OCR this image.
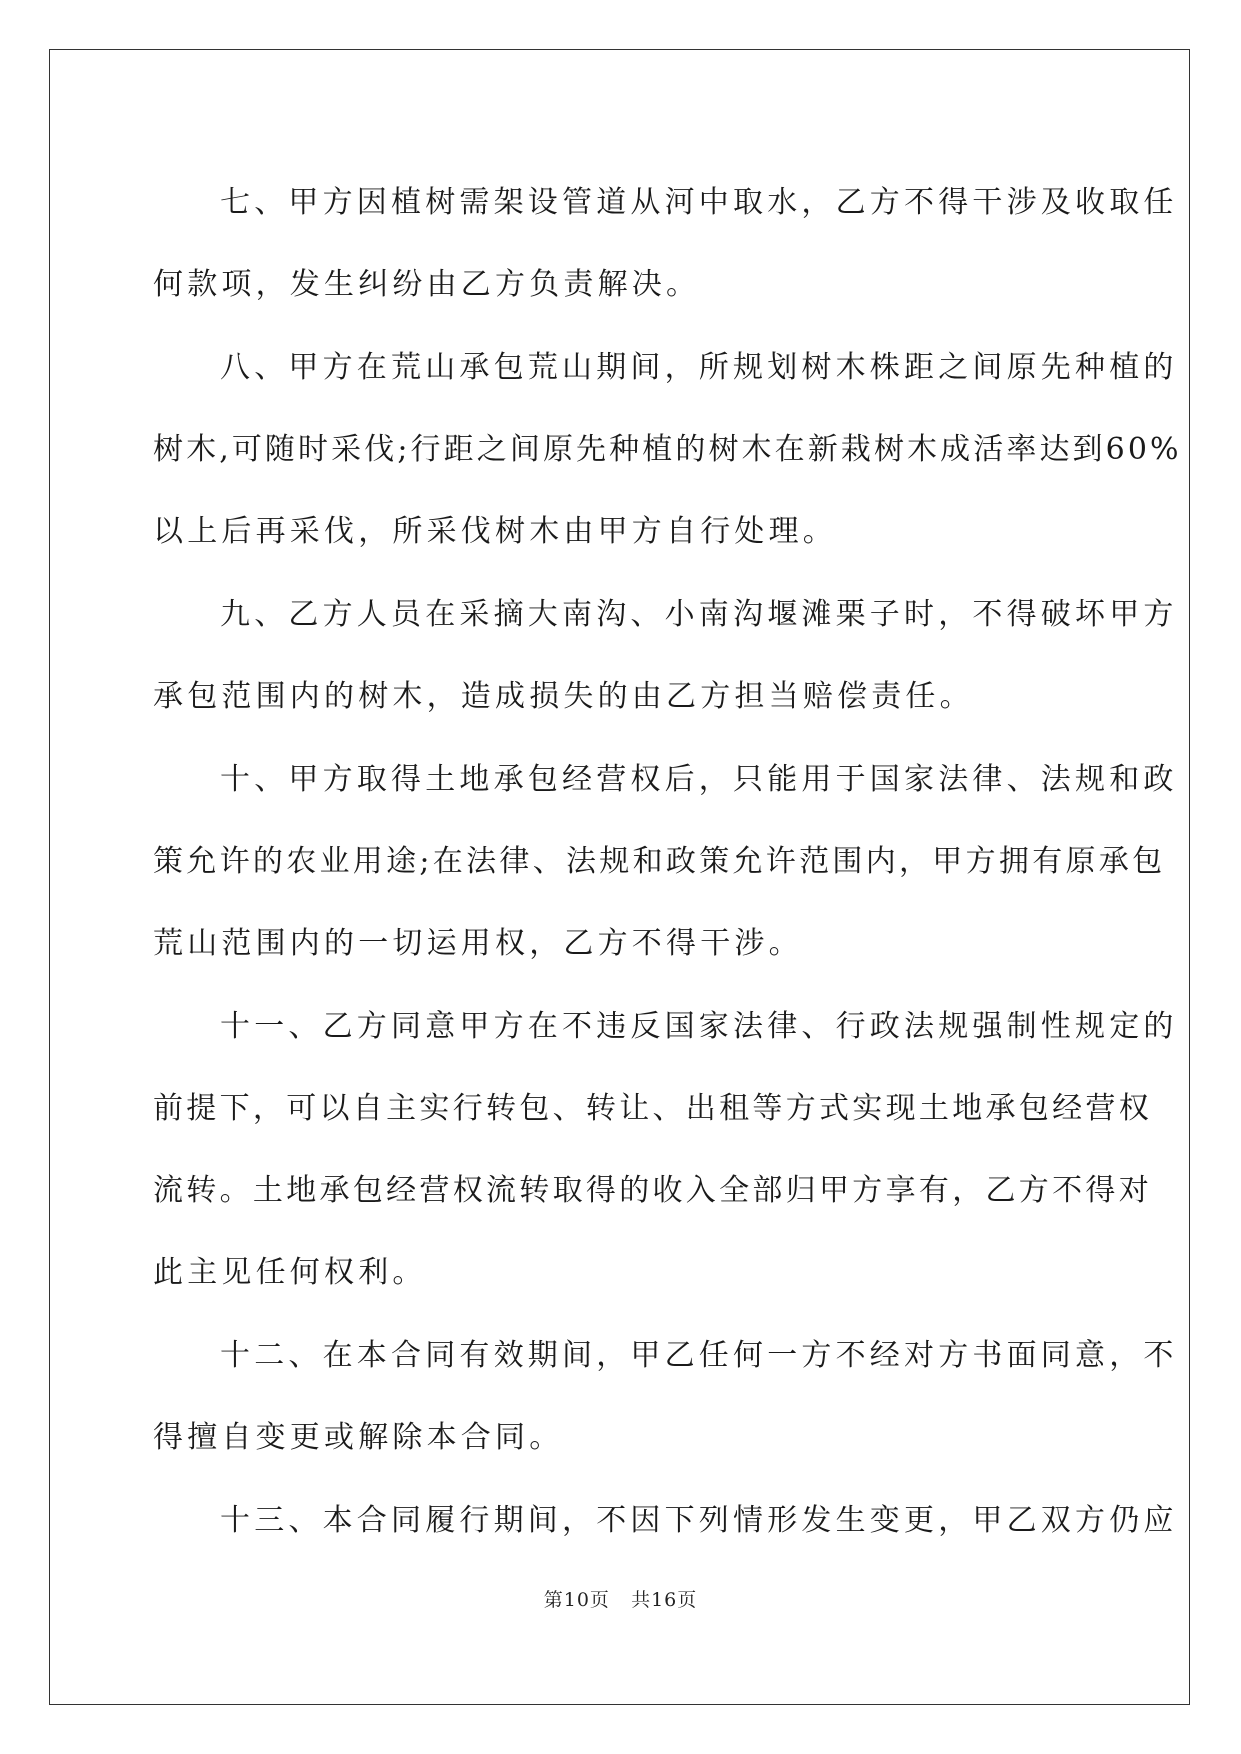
七、甲方因植树需架设管道从河中取水，乙方不得干涉及收取任
何款项，发生纠纷由乙方负责解决。
八、甲方在荒山承包荒山期间，所规划树木株距之间原先种植的
树木,可随时采伐;行距之间原先种植的树木在新栽树木成活率达到60%
以上后再采伐，所采伐树木由甲方自行处理。
九、乙方人员在采摘大南沟、小南沟堰滩栗子时，不得破坏甲方
承包范围内的树木，造成损失的由乙方担当赔偿责任。
十、甲方取得土地承包经营权后，只能用于国家法律、法规和政
策允许的农业用途;在法律、法规和政策允许范围内，甲方拥有原承包
荒山范围内的一切运用权，乙方不得干涉。
十一、乙方同意甲方在不违反国家法律、行政法规强制性规定的
前提下，可以自主实行转包、转让、出租等方式实现土地承包经营权
流转。土地承包经营权流转取得的收入全部归甲方享有，乙方不得对
此主见任何权利。
十二、在本合同有效期间，甲乙任何一方不经对方书面同意，不
得擅自变更或解除本合同。
十三、本合同履行期间，不因下列情形发生变更，甲乙双方仍应
第10页 共16页
